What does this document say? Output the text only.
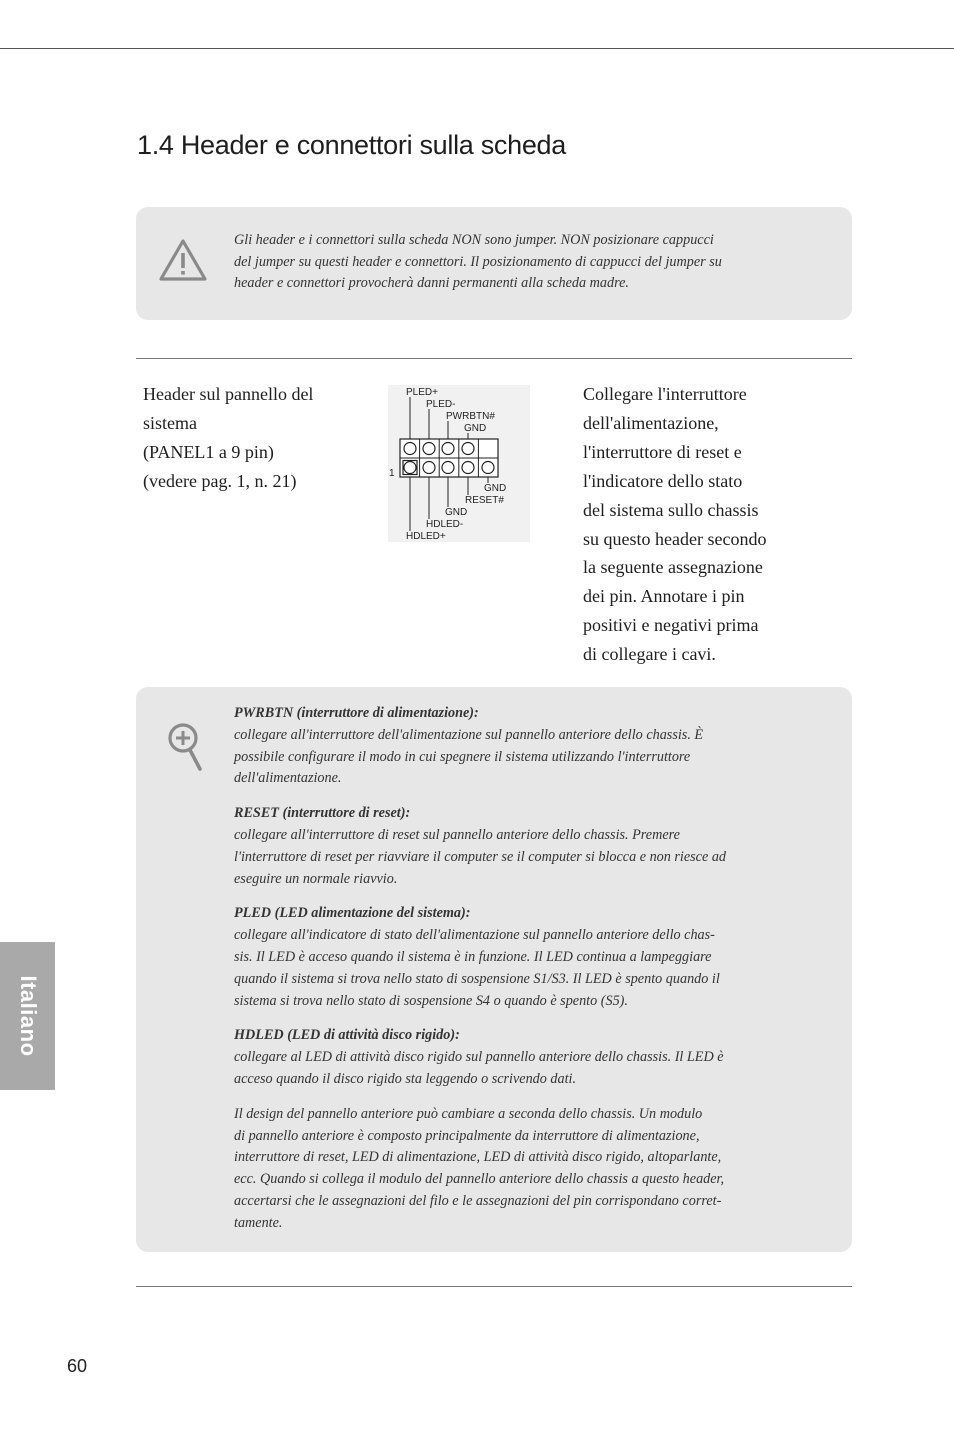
1.4 Header e connettori sulla scheda
Gli header e i connettori sulla scheda NON sono jumper. NON posizionare cappucci
del jumper su questi header e connettori. Il posizionamento di cappucci del jumper su
header e connettori provocherà danni permanenti alla scheda madre.
Header sul pannello del
sistema
(PANEL1 a 9 pin)
(vedere pag. 1, n. 21)
PLED+
PLED-
PWRBTN#
GND
1
GND
RESET#
GND
HDLED-
HDLED+
Collegare l'interruttore
dell'alimentazione,
l'interruttore di reset e
l'indicatore dello stato
del sistema sullo chassis
su questo header secondo
la seguente assegnazione
dei pin. Annotare i pin
positivi e negativi prima
di collegare i cavi.
PWRBTN (interruttore di alimentazione):
collegare all'interruttore dell'alimentazione sul pannello anteriore dello chassis. È
possibile configurare il modo in cui spegnere il sistema utilizzando l'interruttore
dell'alimentazione.
RESET (interruttore di reset):
collegare all'interruttore di reset sul pannello anteriore dello chassis. Premere
l'interruttore di reset per riavviare il computer se il computer si blocca e non riesce ad
eseguire un normale riavvio.
PLED (LED alimentazione del sistema):
collegare all'indicatore di stato dell'alimentazione sul pannello anteriore dello chas-
sis. Il LED è acceso quando il sistema è in funzione. Il LED continua a lampeggiare
quando il sistema si trova nello stato di sospensione S1/S3. Il LED è spento quando il
sistema si trova nello stato di sospensione S4 o quando è spento (S5).
HDLED (LED di attività disco rigido):
collegare al LED di attività disco rigido sul pannello anteriore dello chassis. Il LED è
acceso quando il disco rigido sta leggendo o scrivendo dati.
Il design del pannello anteriore può cambiare a seconda dello chassis. Un modulo
di pannello anteriore è composto principalmente da interruttore di alimentazione,
interruttore di reset, LED di alimentazione, LED di attività disco rigido, altoparlante,
ecc. Quando si collega il modulo del pannello anteriore dello chassis a questo header,
accertarsi che le assegnazioni del filo e le assegnazioni del pin corrispondano corret-
tamente.
Italiano
60
